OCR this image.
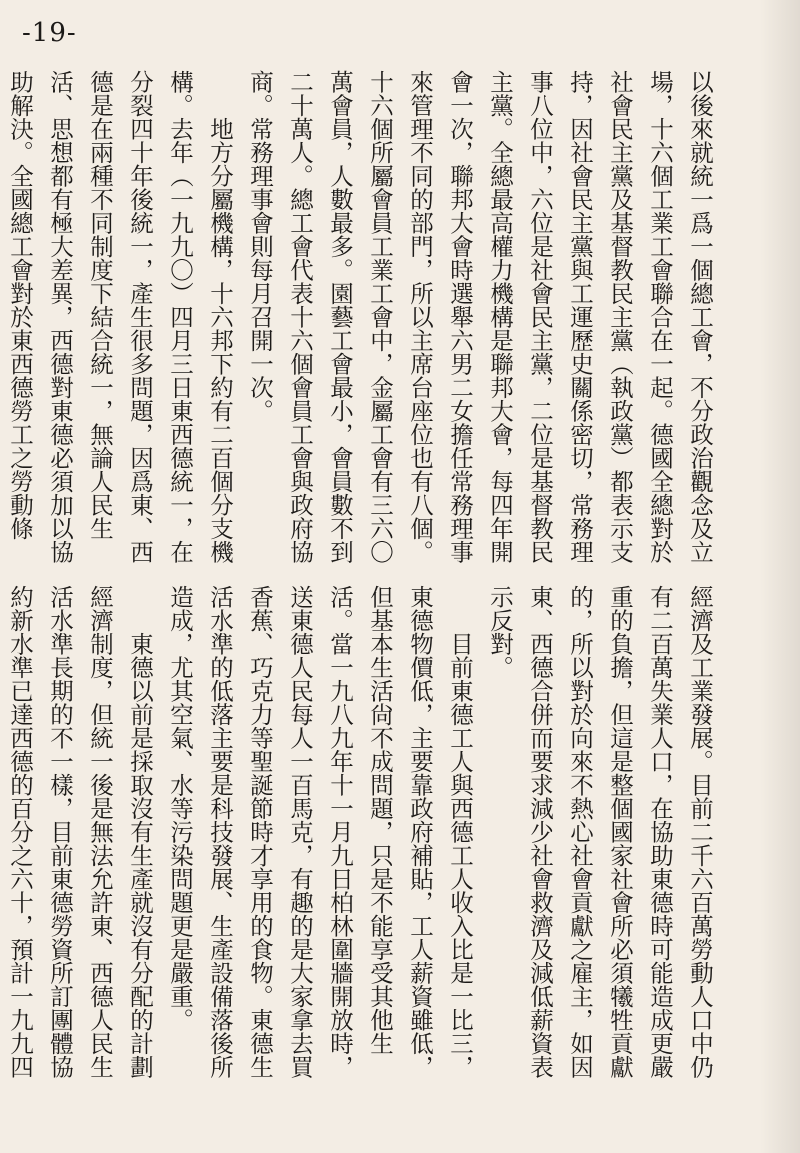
-19-

以後來就統一爲一個總工會，不分政治觀念及立場，十六個工業工會聯合在一起。德國全總對於社會民主黨及基督教民主黨（執政黨）都表示支持，因社會民主黨與工運歷史關係密切，常務理事八位中，六位是社會民主黨，二位是基督教民主黨。全總最高權力機構是聯邦大會，每四年開會一次，聯邦大會時選舉六男二女擔任常務理事來管理不同的部門，所以主席台座位也有八個。十六個所屬會員工業工會中，金屬工會有三六〇萬會員，人數最多。園藝工會最小，會員數不到二十萬人。總工會代表十六個會員工會與政府協商。常務理事會則每月召開一次。

地方分屬機構，十六邦下約有二百個分支機構。去年（一九九〇）四月三日東西德統一，在分裂四十年後統一，產生很多問題，因爲東、西德是在兩種不同制度下結合統一，無論人民生活、思想都有極大差異，西德對東德必須加以協助解決。全國總工會對於東西德勞工之勞動條

經濟及工業發展。目前二千六百萬勞動人口中仍有二百萬失業人口，在協助東德時可能造成更嚴重的負擔，但這是整個國家社會所必須犧牲貢獻的，所以對於向來不熱心社會貢獻之雇主，如因東、西德合併而要求減少社會救濟及減低薪資表示反對。

目前東德工人與西德工人收入比是一比三，東德物價低，主要靠政府補貼，工人薪資雖低，但基本生活尙不成問題，只是不能享受其他生活。當一九八九年十一月九日柏林圍牆開放時，送東德人民每人一百馬克，有趣的是大家拿去買香蕉、巧克力等聖誕節時才享用的食物。東德生活水準的低落主要是科技發展、生產設備落後所造成，尤其空氣、水等污染問題更是嚴重。

東德以前是採取沒有生產就沒有分配的計劃經濟制度，但統一後是無法允許東、西德人民生活水準長期的不一樣，目前東德勞資所訂團體協約新水準已達西德的百分之六十，預計一九九四
